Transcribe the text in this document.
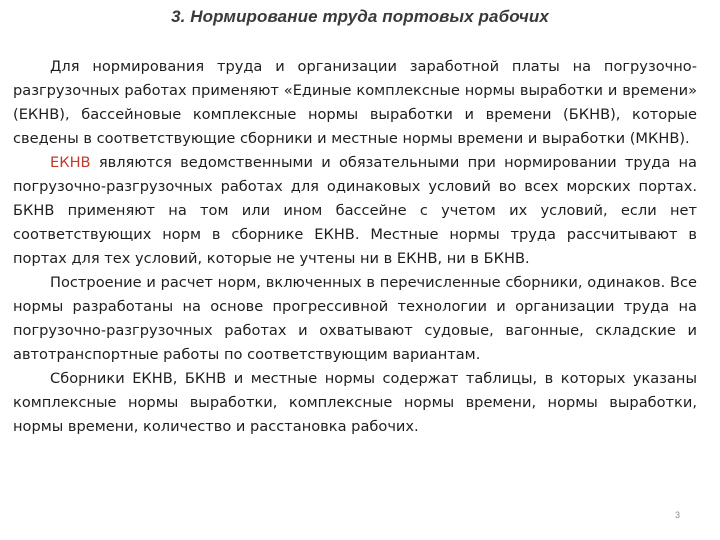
3. Нормирование труда портовых рабочих

Для нормирования труда и организации заработной платы на погрузочно-разгрузочных работах применяют «Единые комплексные нормы выработки и времени» (ЕКНВ), бассейновые комплексные нормы выработки и времени (БКНВ), которые сведены в соответствующие сборники и местные нормы времени и выработки (МКНВ).

ЕКНВ являются ведомственными и обязательными при нормировании труда на погрузочно-разгрузочных работах для одинаковых условий во всех морских портах. БКНВ применяют на том или ином бассейне с учетом их условий, если нет соответствующих норм в сборнике ЕКНВ. Местные нормы труда рассчитывают в портах для тех условий, которые не учтены ни в ЕКНВ, ни в БКНВ.

Построение и расчет норм, включенных в перечисленные сборники, одинаков. Все нормы разработаны на основе прогрессивной технологии и организации труда на погрузочно-разгрузочных работах и охватывают судовые, вагонные, складские и автотранспортные работы по соответствующим вариантам.

Сборники ЕКНВ, БКНВ и местные нормы содержат таблицы, в которых указаны комплексные нормы выработки, комплексные нормы времени, нормы выработки, нормы времени, количество и расстановка рабочих.

3
